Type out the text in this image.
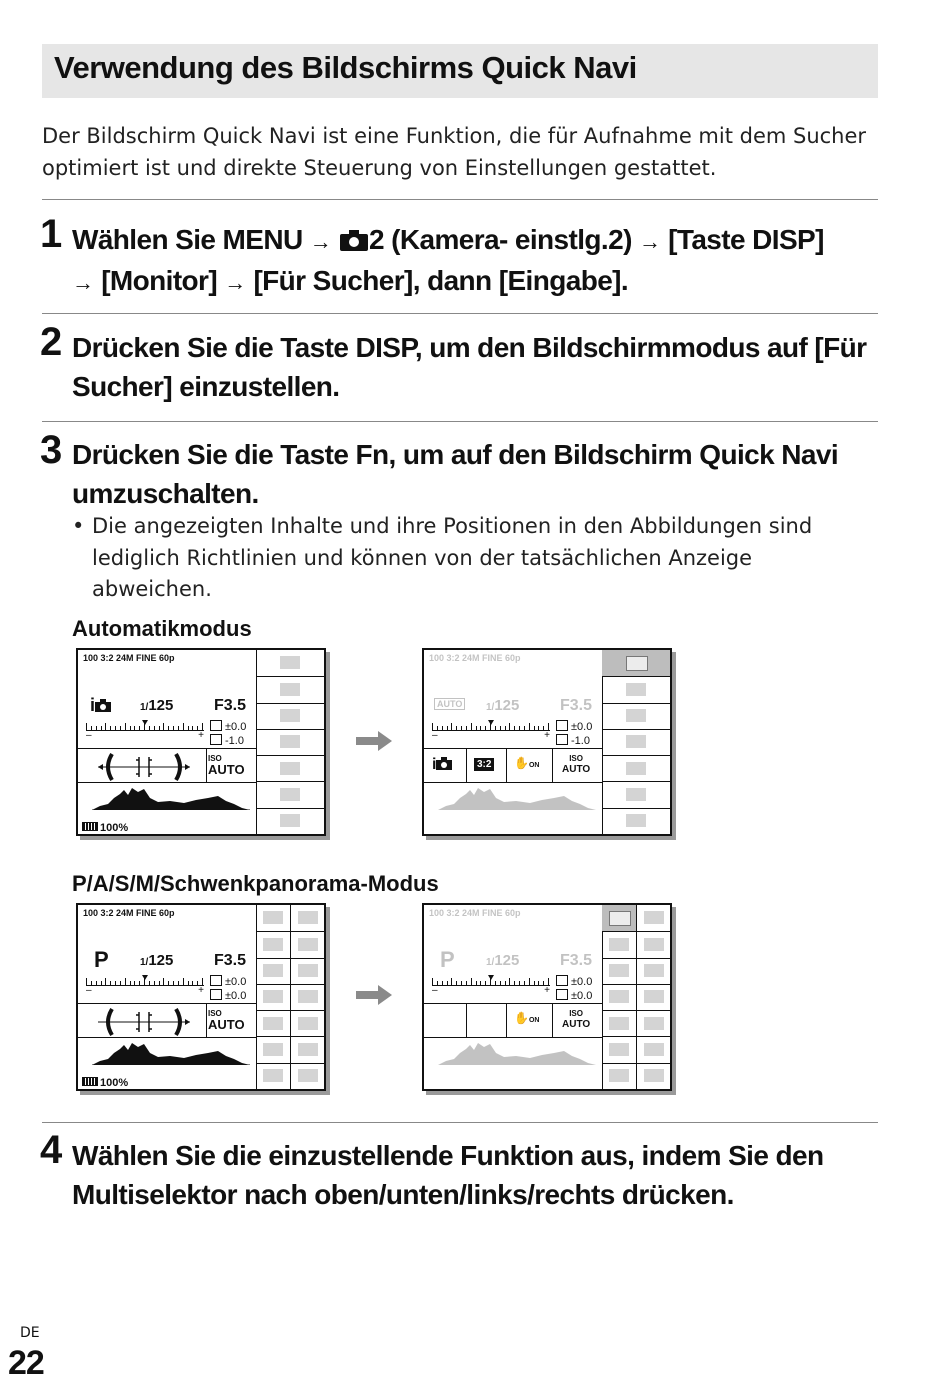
Verwendung des Bildschirms Quick Navi
Der Bildschirm Quick Navi ist eine Funktion, die für Aufnahme mit dem Sucher optimiert ist und direkte Steuerung von Einstellungen gestattet.
1 Wählen Sie MENU → 2 (Kamera- einstlg.2) → [Taste DISP]
→ [Monitor] → [Für Sucher], dann [Eingabe].
2 Drücken Sie die Taste DISP, um den Bildschirmmodus auf [Für Sucher] einzustellen.
3 Drücken Sie die Taste Fn, um auf den Bildschirm Quick Navi umzuschalten.
• Die angezeigten Inhalte und ihre Positionen in den Abbildungen sind lediglich Richtlinien und können von der tatsächlichen Anzeige abweichen.
Automatikmodus
100 3:2 24M FINE 60p
i	1/125	F3.5
–	+
±0.0
-1.0
ISO
AUTO
100%
100 3:2 24M FINE 60p
AUTO	1/125	F3.5
–	+
±0.0
-1.0
i	3:2 ✋ON
ISO
AUTO
P/A/S/M/Schwenkpanorama-Modus
100 3:2 24M FINE 60p
P	1/125	F3.5
–	+
±0.0
±0.0
ISO
AUTO
100%
100 3:2 24M FINE 60p
P	1/125	F3.5
–	+
±0.0
±0.0
✋ON
ISO
AUTO
4 Wählen Sie die einzustellende Funktion aus, indem Sie den Multiselektor nach oben/unten/links/rechts drücken.
DE
22
